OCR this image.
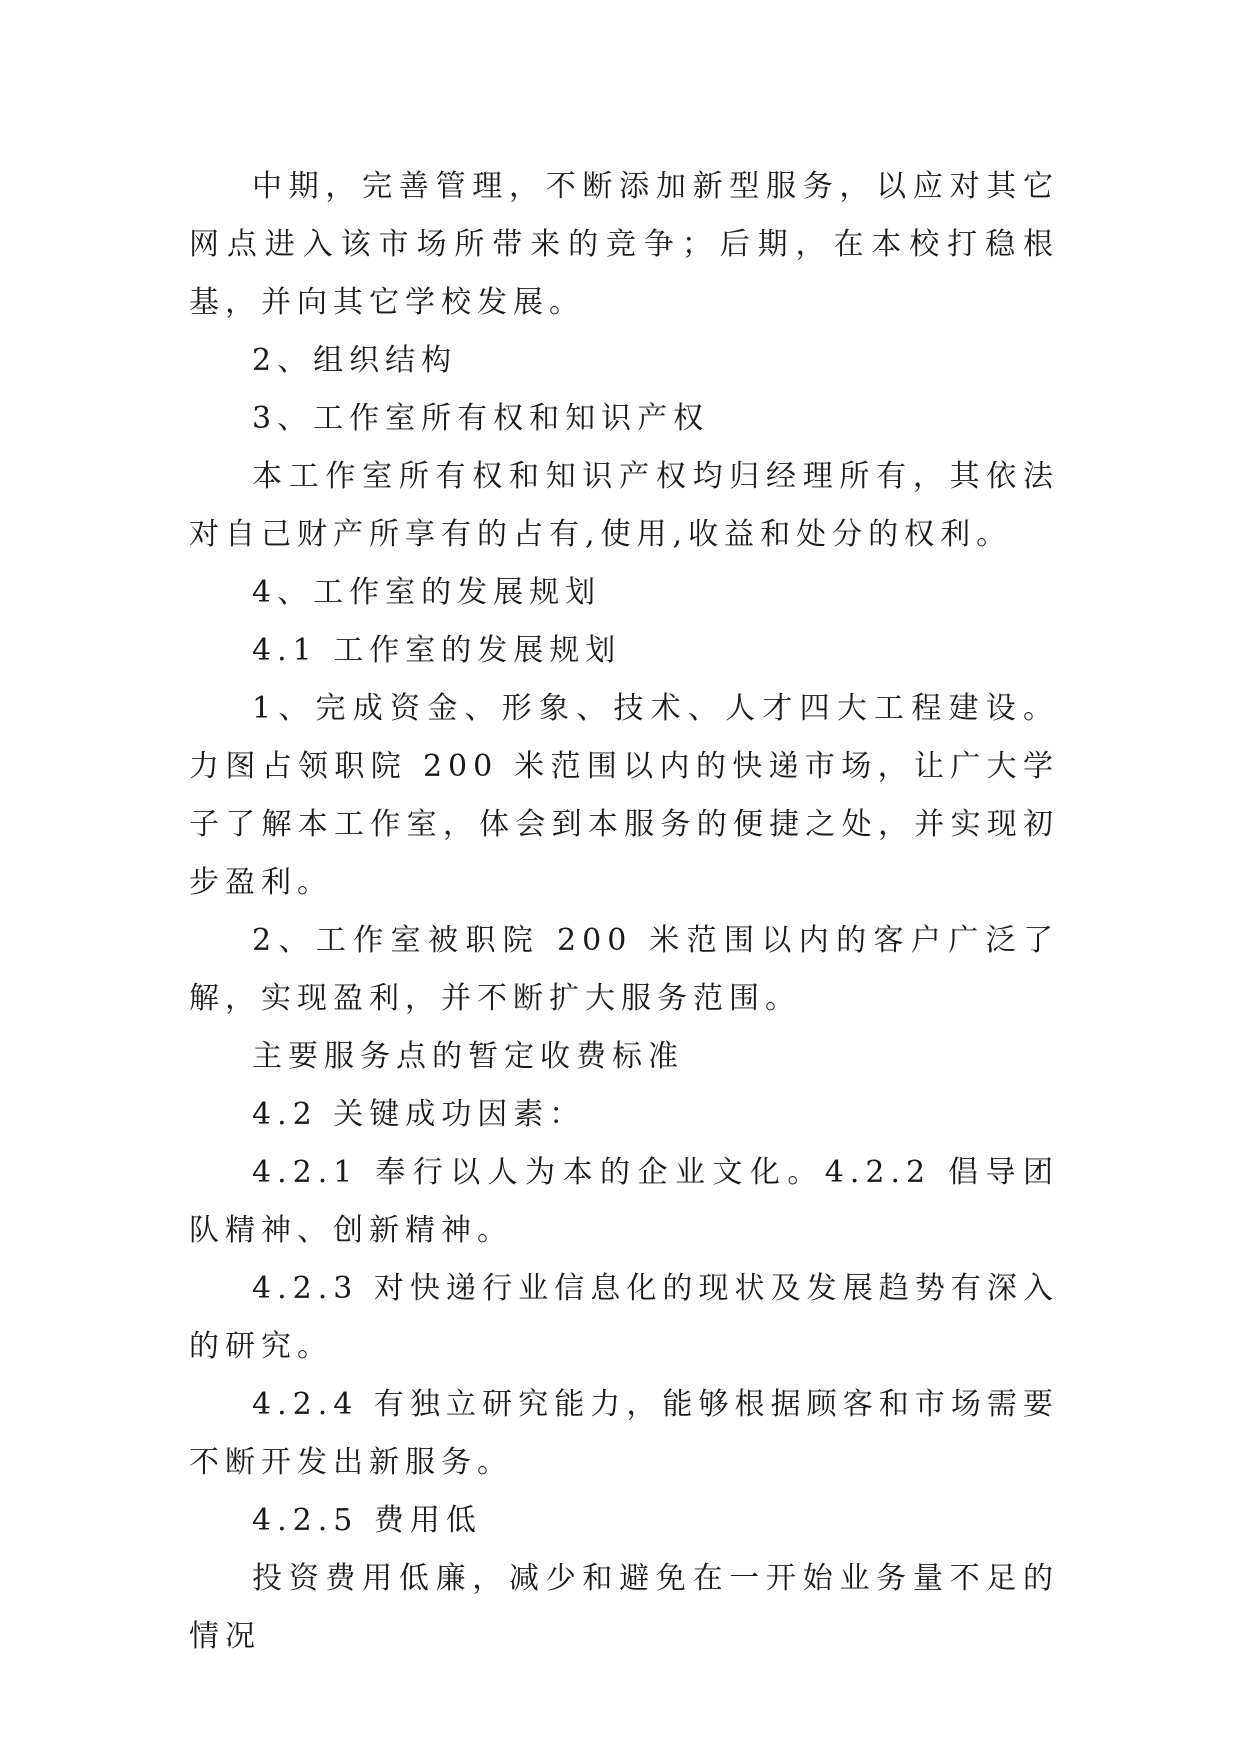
中期，完善管理，不断添加新型服务，以应对其它网点进入该市场所带来的竞争；后期，在本校打稳根基，并向其它学校发展。

2、组织结构

3、工作室所有权和知识产权

本工作室所有权和知识产权均归经理所有，其依法对自己财产所享有的占有,使用,收益和处分的权利。

4、工作室的发展规划

4.1 工作室的发展规划

1、完成资金、形象、技术、人才四大工程建设。力图占领职院 200 米范围以内的快递市场，让广大学子了解本工作室，体会到本服务的便捷之处，并实现初步盈利。

2、工作室被职院 200 米范围以内的客户广泛了解，实现盈利，并不断扩大服务范围。

主要服务点的暂定收费标准

4.2 关键成功因素：

4.2.1 奉行以人为本的企业文化。4.2.2 倡导团队精神、创新精神。

4.2.3 对快递行业信息化的现状及发展趋势有深入的研究。

4.2.4 有独立研究能力，能够根据顾客和市场需要不断开发出新服务。

4.2.5 费用低

投资费用低廉，减少和避免在一开始业务量不足的情况
